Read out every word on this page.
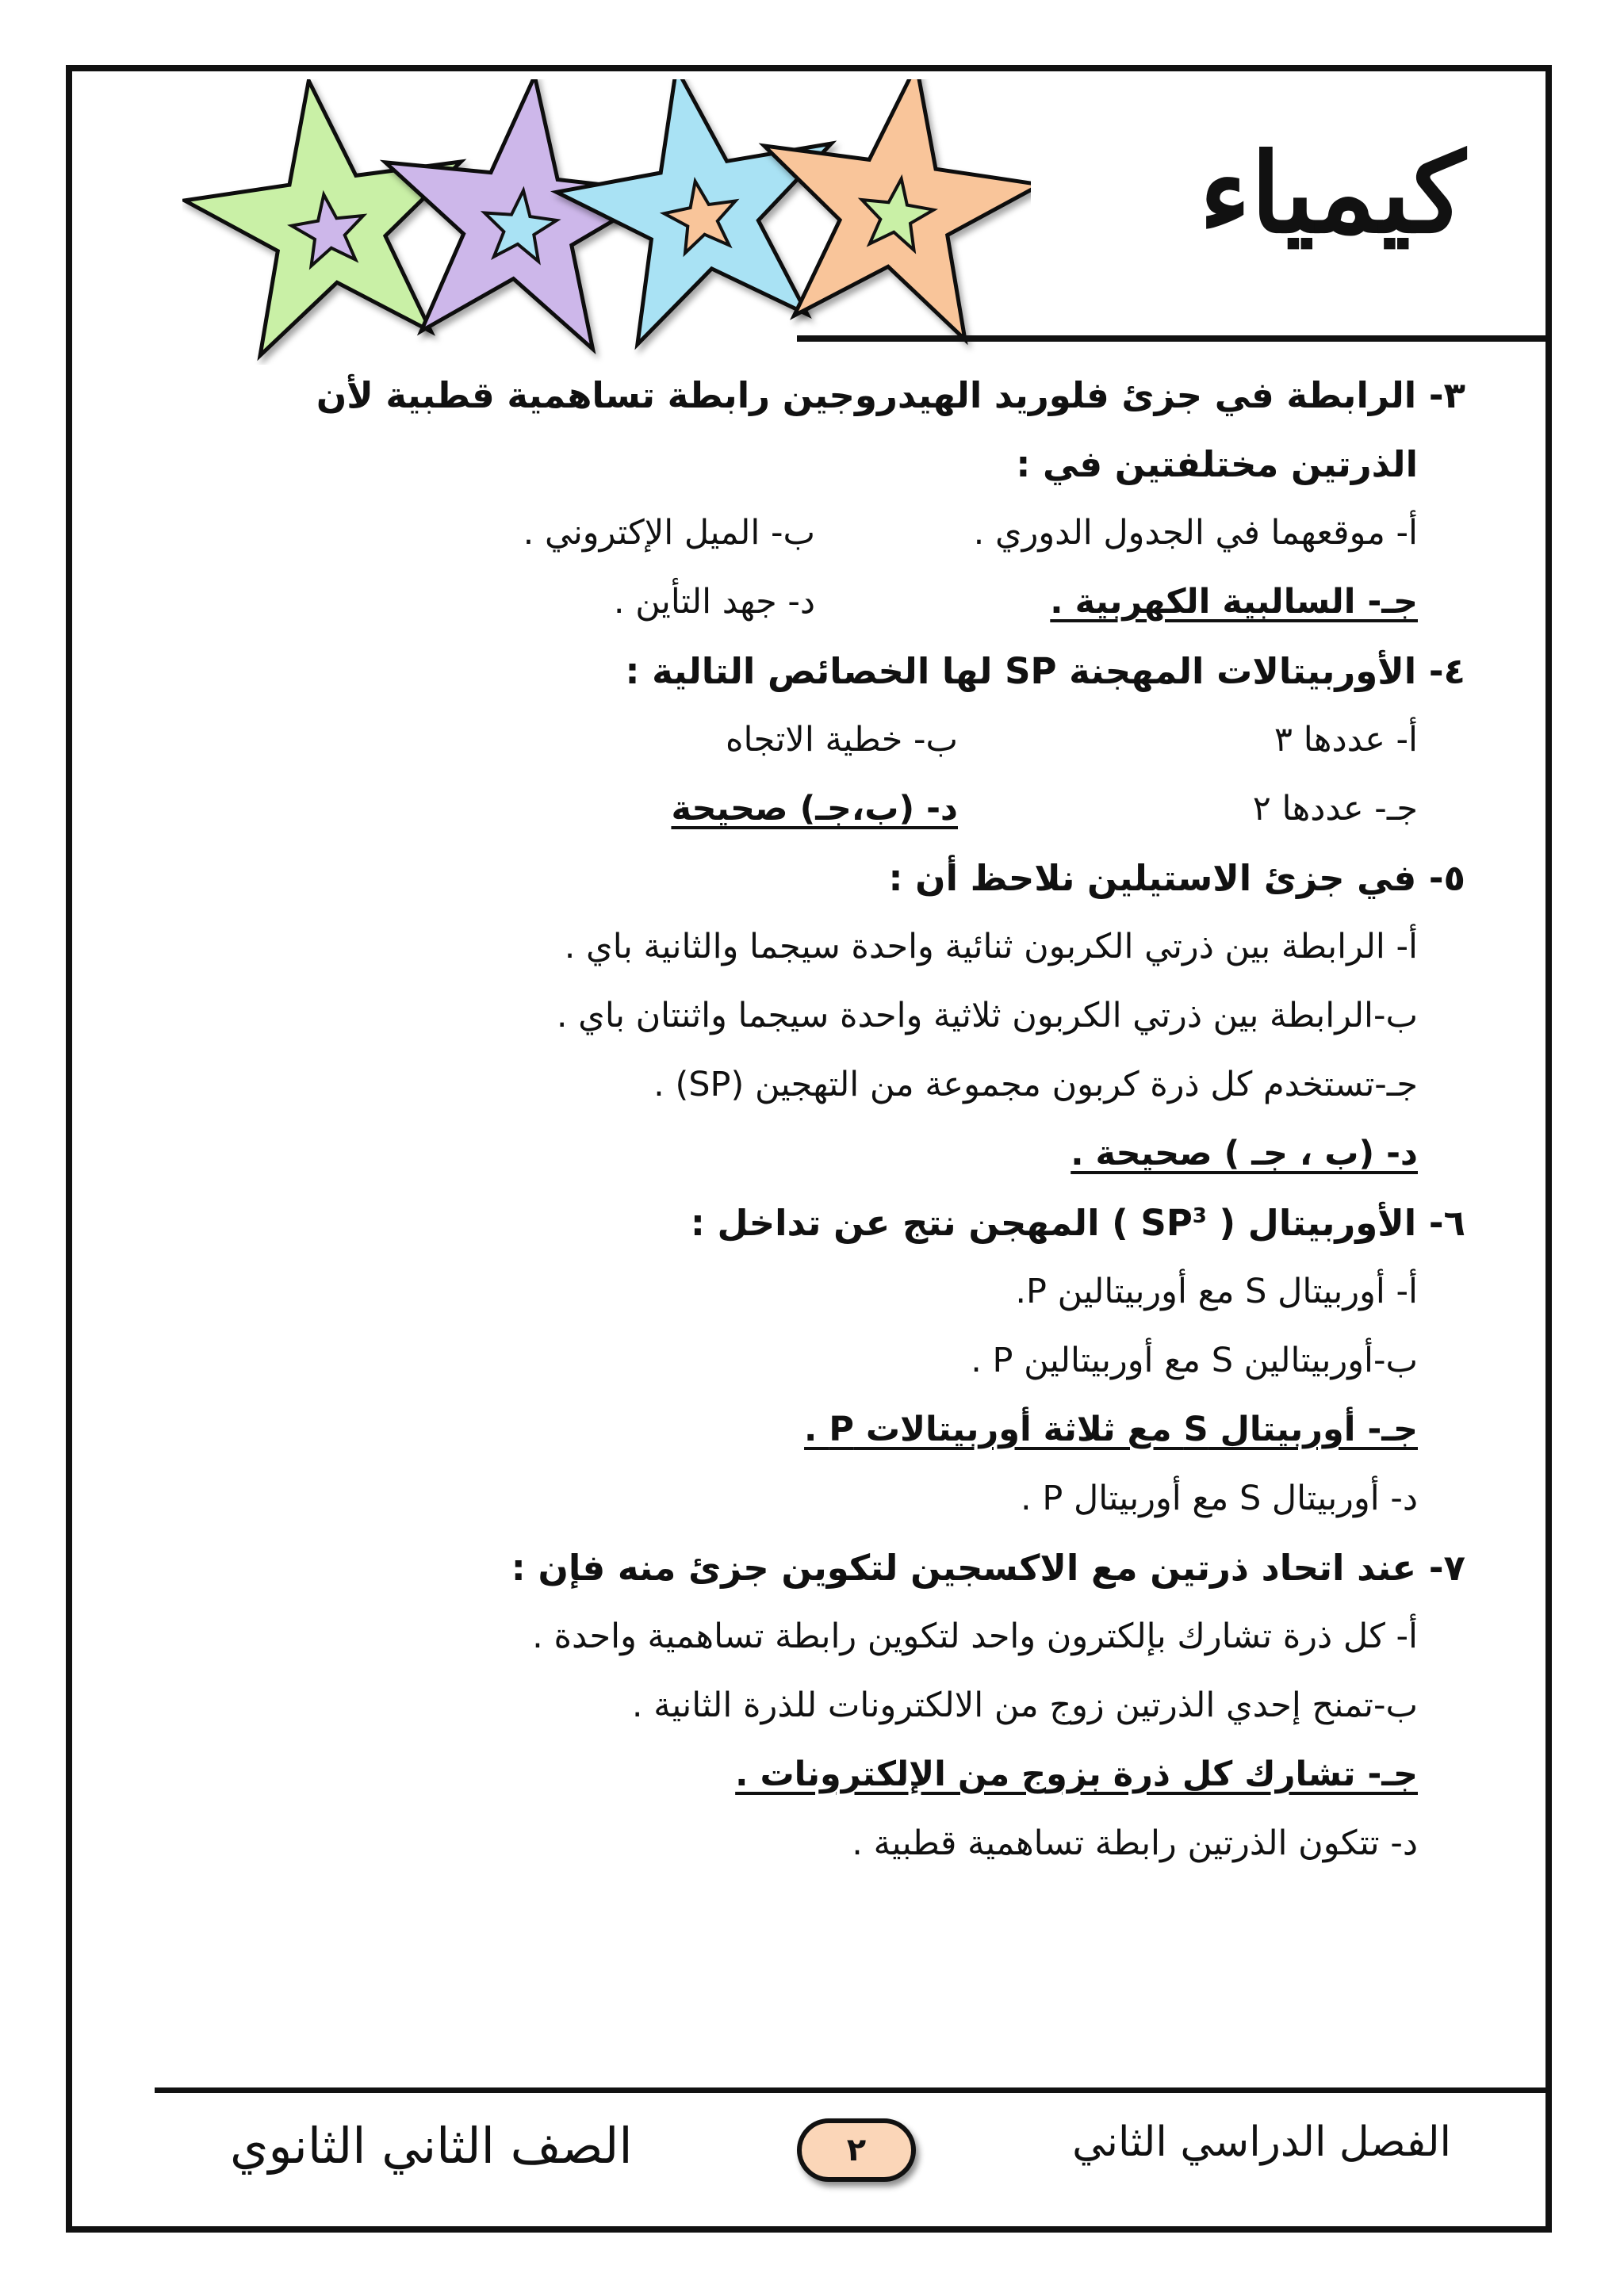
كيمياء
٣- الرابطة في جزئ فلوريد الهيدروجين رابطة تساهمية قطبية لأن
الذرتين مختلفتين في :
أ- موقعهما في الجدول الدوري .
ب- الميل الإكتروني .
جـ- السالبية الكهربية .
د- جهد التأين .
٤- الأوربيتالات المهجنة SP لها الخصائص التالية :
أ- عددها ٣
ب- خطية الاتجاه
جـ- عددها ٢
د- (ب،جـ) صحيحة
٥- في جزئ الاستيلين نلاحظ أن :
أ- الرابطة بين ذرتي الكربون ثنائية واحدة سيجما والثانية باي .
ب-الرابطة بين ذرتي الكربون ثلاثية واحدة سيجما واثنتان باي .
جـ-تستخدم كل ذرة كربون مجموعة من التهجين (SP) .
د- (ب ، جـ ) صحيحة .
٦- الأوربيتال ( $SP^3$ ) المهجن نتج عن تداخل :
أ- أوربيتال S مع أوربيتالين P.
ب-أوربيتالين S مع أوربيتالين P .
جـ- أوربيتال S مع ثلاثة أوربيتالات P .
د- أوربيتال S مع أوربيتال P .
٧- عند اتحاد ذرتين مع الاكسجين لتكوين جزئ منه فإن :
أ- كل ذرة تشارك بإلكترون واحد لتكوين رابطة تساهمية واحدة .
ب-تمنح إحدي الذرتين زوج من الالكترونات للذرة الثانية .
جـ- تشارك كل ذرة بزوج من الإلكترونات .
د- تتكون الذرتين رابطة تساهمية قطبية .
الصف الثاني الثانوي	٢	الفصل الدراسي الثاني
